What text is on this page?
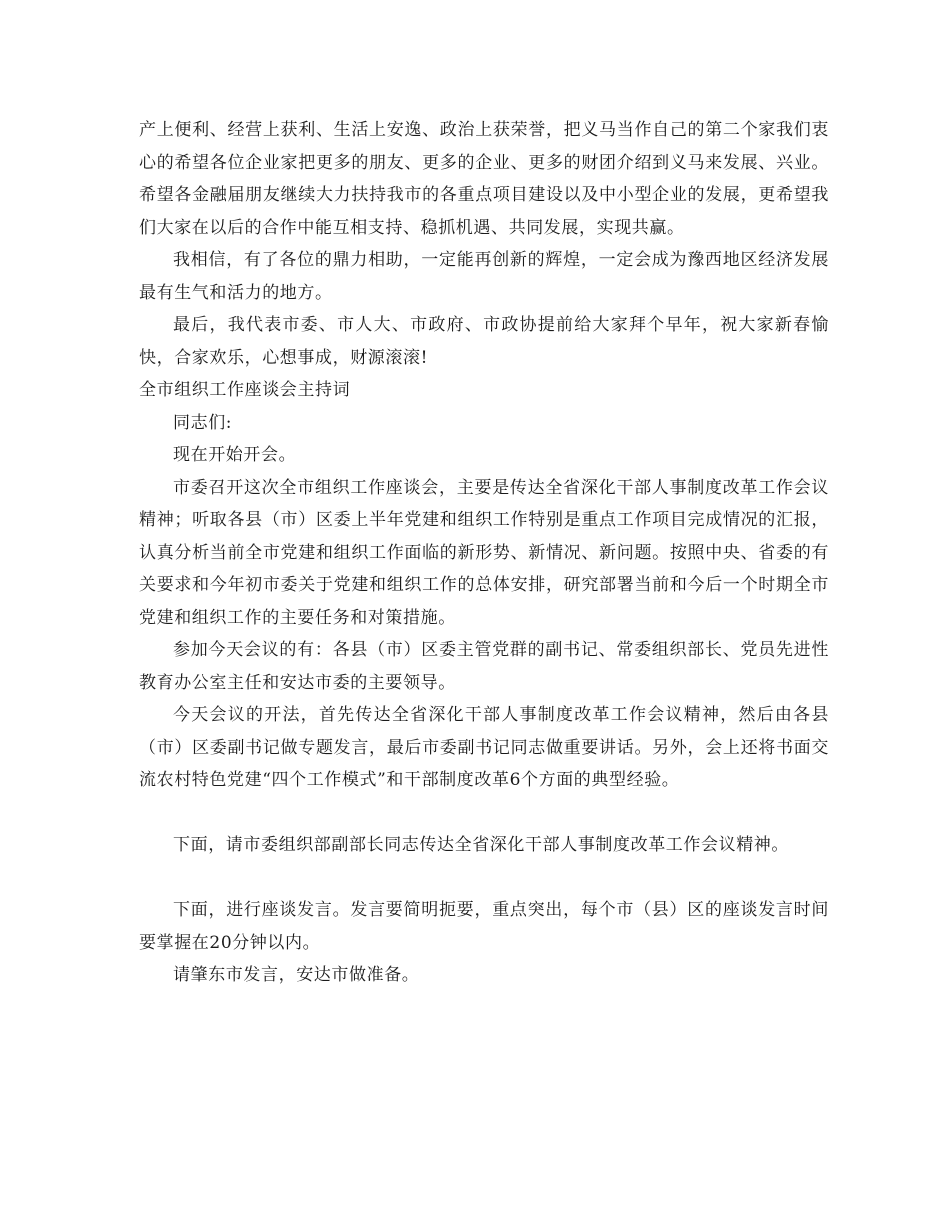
产上便利、经营上获利、生活上安逸、政治上获荣誉，把义马当作自己的第二个家我们衷心的希望各位企业家把更多的朋友、更多的企业、更多的财团介绍到义马来发展、兴业。希望各金融届朋友继续大力扶持我市的各重点项目建设以及中小型企业的发展，更希望我们大家在以后的合作中能互相支持、稳抓机遇、共同发展，实现共赢。

我相信，有了各位的鼎力相助，一定能再创新的辉煌，一定会成为豫西地区经济发展最有生气和活力的地方。

最后，我代表市委、市人大、市政府、市政协提前给大家拜个早年，祝大家新春愉快，合家欢乐，心想事成，财源滚滚!

全市组织工作座谈会主持词

同志们:

现在开始开会。

市委召开这次全市组织工作座谈会，主要是传达全省深化干部人事制度改革工作会议精神；听取各县（市）区委上半年党建和组织工作特别是重点工作项目完成情况的汇报，认真分析当前全市党建和组织工作面临的新形势、新情况、新问题。按照中央、省委的有关要求和今年初市委关于党建和组织工作的总体安排，研究部署当前和今后一个时期全市党建和组织工作的主要任务和对策措施。

参加今天会议的有：各县（市）区委主管党群的副书记、常委组织部长、党员先进性教育办公室主任和安达市委的主要领导。

今天会议的开法，首先传达全省深化干部人事制度改革工作会议精神，然后由各县（市）区委副书记做专题发言，最后市委副书记同志做重要讲话。另外，会上还将书面交流农村特色党建“四个工作模式”和干部制度改革6个方面的典型经验。

下面，请市委组织部副部长同志传达全省深化干部人事制度改革工作会议精神。

下面，进行座谈发言。发言要简明扼要，重点突出，每个市（县）区的座谈发言时间要掌握在20分钟以内。

请肇东市发言，安达市做准备。
